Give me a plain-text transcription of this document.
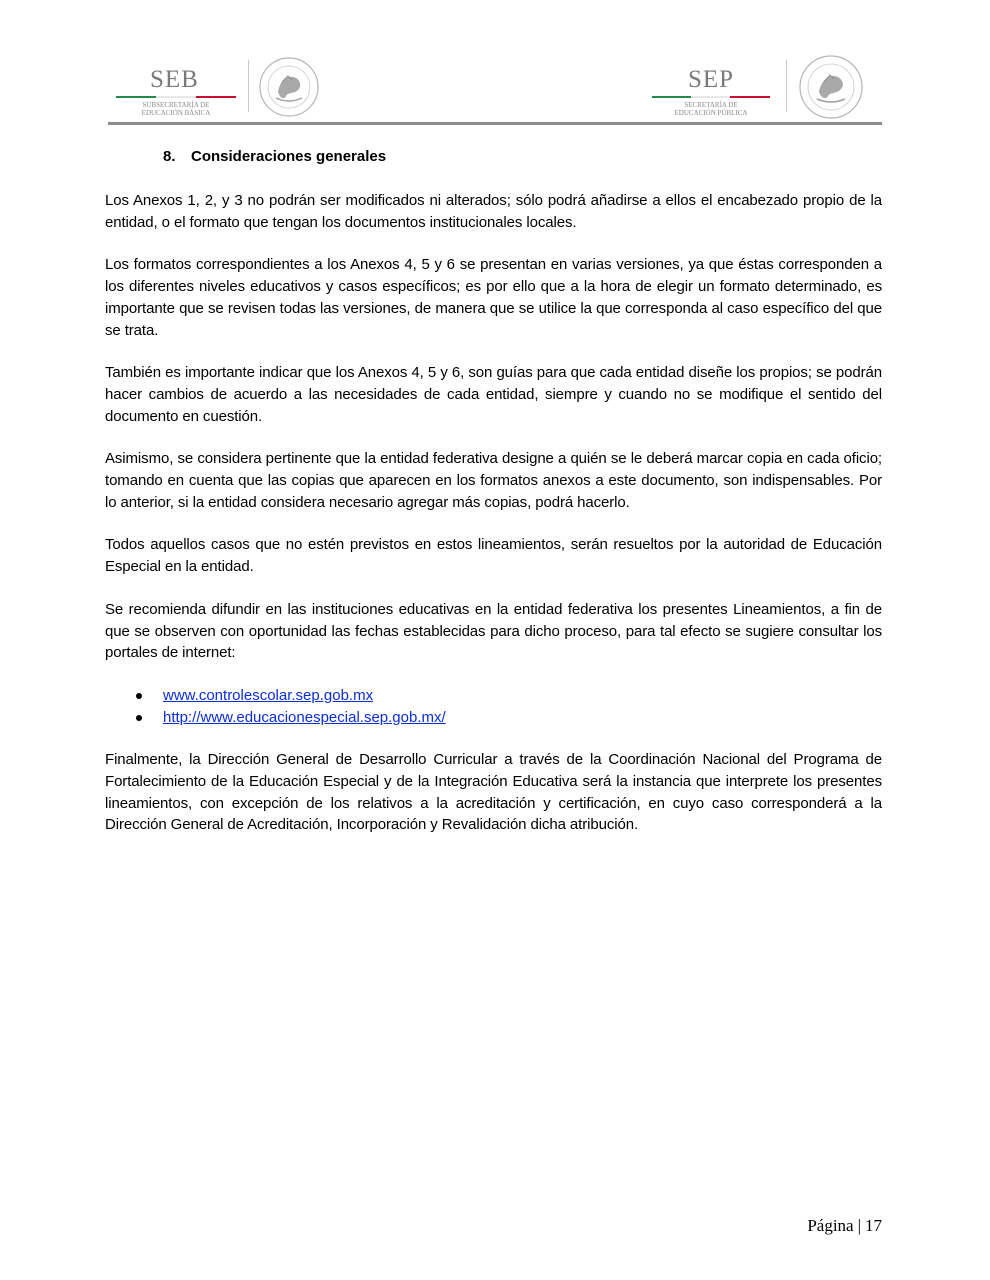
SEB
SUBSECRETARÍA DE
EDUCACIÓN BÁSICA
SEP
SECRETARÍA DE
EDUCACIÓN PÚBLICA
8. Consideraciones generales

Los Anexos 1, 2, y 3 no podrán ser modificados ni alterados; sólo podrá añadirse a ellos el encabezado propio de la entidad, o el formato que tengan los documentos institucionales locales.

Los formatos correspondientes a los Anexos 4, 5 y 6 se presentan en varias versiones, ya que éstas corresponden a los diferentes niveles educativos y casos específicos; es por ello que a la hora de elegir un formato determinado, es importante que se revisen todas las versiones, de manera que se utilice la que corresponda al caso específico del que se trata.

También es importante indicar que los Anexos 4, 5 y 6, son guías para que cada entidad diseñe los propios; se podrán hacer cambios de acuerdo a las necesidades de cada entidad, siempre y cuando no se modifique el sentido del documento en cuestión.

Asimismo, se considera pertinente que la entidad federativa designe a quién se le deberá marcar copia en cada oficio; tomando en cuenta que las copias que aparecen en los formatos anexos a este documento, son indispensables. Por lo anterior, si la entidad considera necesario agregar más copias, podrá hacerlo.

Todos aquellos casos que no estén previstos en estos lineamientos, serán resueltos por la autoridad de Educación Especial en la entidad.

Se recomienda difundir en las instituciones educativas en la entidad federativa los presentes Lineamientos, a fin de que se observen con oportunidad las fechas establecidas para dicho proceso, para tal efecto se sugiere consultar los portales de internet:

www.controlescolar.sep.gob.mx
http://www.educacionespecial.sep.gob.mx/

Finalmente, la Dirección General de Desarrollo Curricular a través de la Coordinación Nacional del Programa de Fortalecimiento de la Educación Especial y de la Integración Educativa será la instancia que interprete los presentes lineamientos, con excepción de los relativos a la acreditación y certificación, en cuyo caso corresponderá a la Dirección General de Acreditación, Incorporación y Revalidación dicha atribución.

Página | 17
